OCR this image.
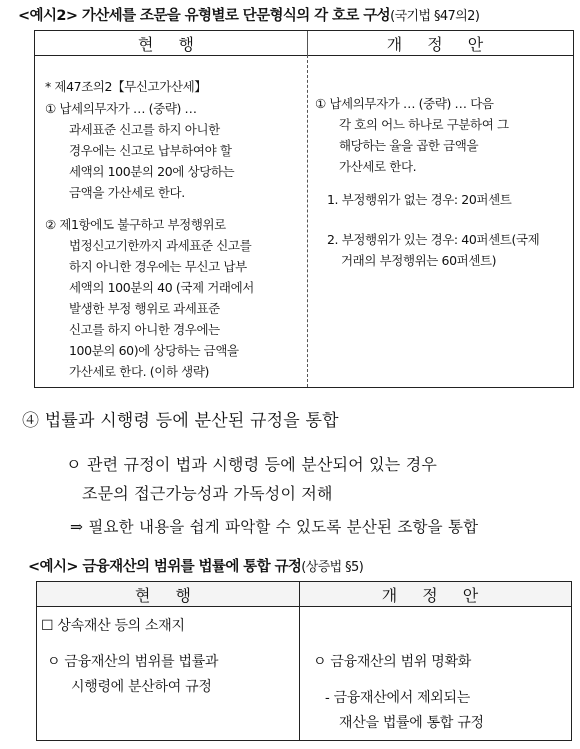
<예시2> 가산세를 조문을 유형별로 단문형식의 각 호로 구성(국기법 §47의2)
현 행	개 정 안
* 제47조의2【무신고가산세】
① 납세의무자가 … (중략) …
과세표준 신고를 하지 아니한
경우에는 신고로 납부하여야 할
세액의 100분의 20에 상당하는
금액을 가산세로 한다.
② 제1항에도 불구하고 부정행위로
법정신고기한까지 과세표준 신고를
하지 아니한 경우에는 무신고 납부
세액의 100분의 40 (국제 거래에서
발생한 부정 행위로 과세표준
신고를 하지 아니한 경우에는
100분의 60)에 상당하는 금액을
가산세로 한다. (이하 생략)
① 납세의무자가 … (중략) … 다음
각 호의 어느 하나로 구분하여 그
해당하는 율을 곱한 금액을
가산세로 한다.
1. 부정행위가 없는 경우: 20퍼센트
2. 부정행위가 있는 경우: 40퍼센트(국제
거래의 부정행위는 60퍼센트)
④ 법률과 시행령 등에 분산된 규정을 통합
ㅇ 관련 규정이 법과 시행령 등에 분산되어 있는 경우
조문의 접근가능성과 가독성이 저해
⇒ 필요한 내용을 쉽게 파악할 수 있도록 분산된 조항을 통합
<예시> 금융재산의 범위를 법률에 통합 규정(상증법 §5)
현 행	개 정 안
☐ 상속재산 등의 소재지
ㅇ 금융재산의 범위를 법률과
시행령에 분산하여 규정
ㅇ 금융재산의 범위 명확화
- 금융재산에서 제외되는
재산을 법률에 통합 규정
